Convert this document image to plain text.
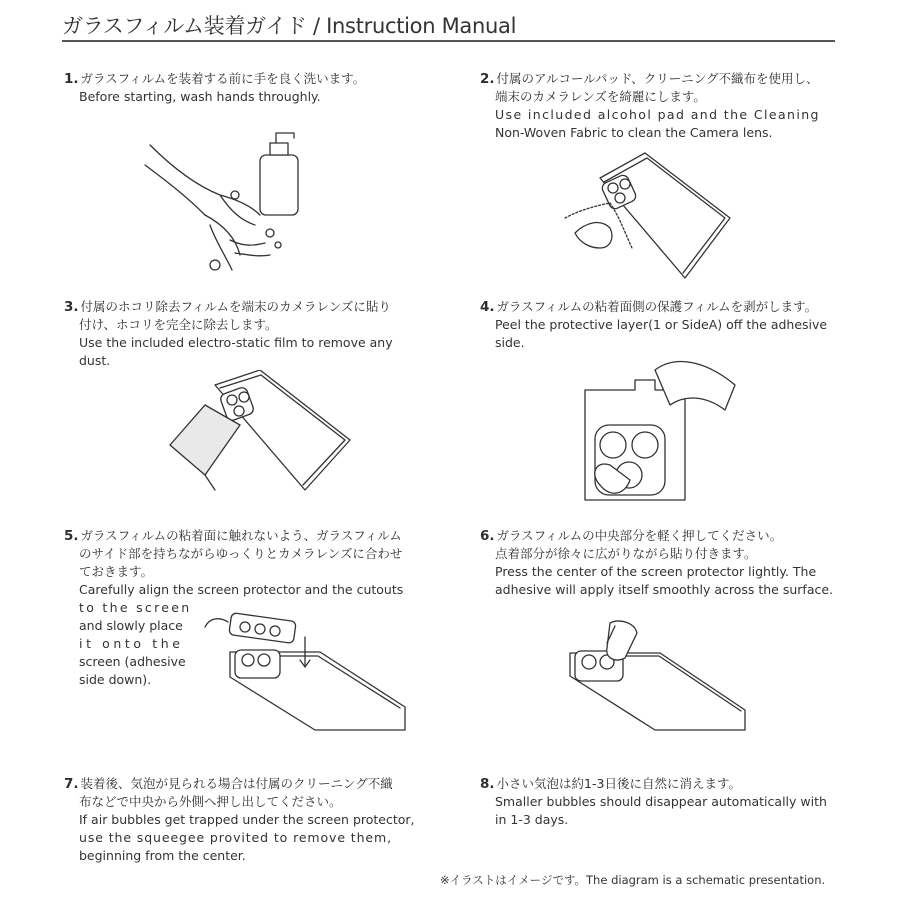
ガラスフィルム装着ガイド / Instruction Manual
1. ガラスフィルムを装着する前に手を良く洗います。
Before starting, wash hands throughly.
2. 付属のアルコールパッド、クリーニング不織布を使用し、
端末のカメラレンズを綺麗にします。
Use included alcohol pad and the Cleaning
Non-Woven Fabric to clean the Camera lens.
3. 付属のホコリ除去フィルムを端末のカメラレンズに貼り
付け、ホコリを完全に除去します。
Use the included electro-static film to remove any
dust.
4. ガラスフィルムの粘着面側の保護フィルムを剥がします。
Peel the protective layer(1 or SideA) off the adhesive
side.
5. ガラスフィルムの粘着面に触れないよう、ガラスフィルム
のサイド部を持ちながらゆっくりとカメラレンズに合わせ
ておきます。
Carefully align the screen protector and the cutouts
to the screen
and slowly place
it onto the
screen (adhesive
side down).
6. ガラスフィルムの中央部分を軽く押してください。
点着部分が徐々に広がりながら貼り付きます。
Press the center of the screen protector lightly. The
adhesive will apply itself smoothly across the surface.
7. 装着後、気泡が見られる場合は付属のクリーニング不織
布などで中央から外側へ押し出してください。
If air bubbles get trapped under the screen protector,
use the squeegee provited to remove them,
beginning from the center.
8. 小さい気泡は約1-3日後に自然に消えます。
Smaller bubbles should disappear automatically with
in 1-3 days.
※イラストはイメージです。The diagram is a schematic presentation.
